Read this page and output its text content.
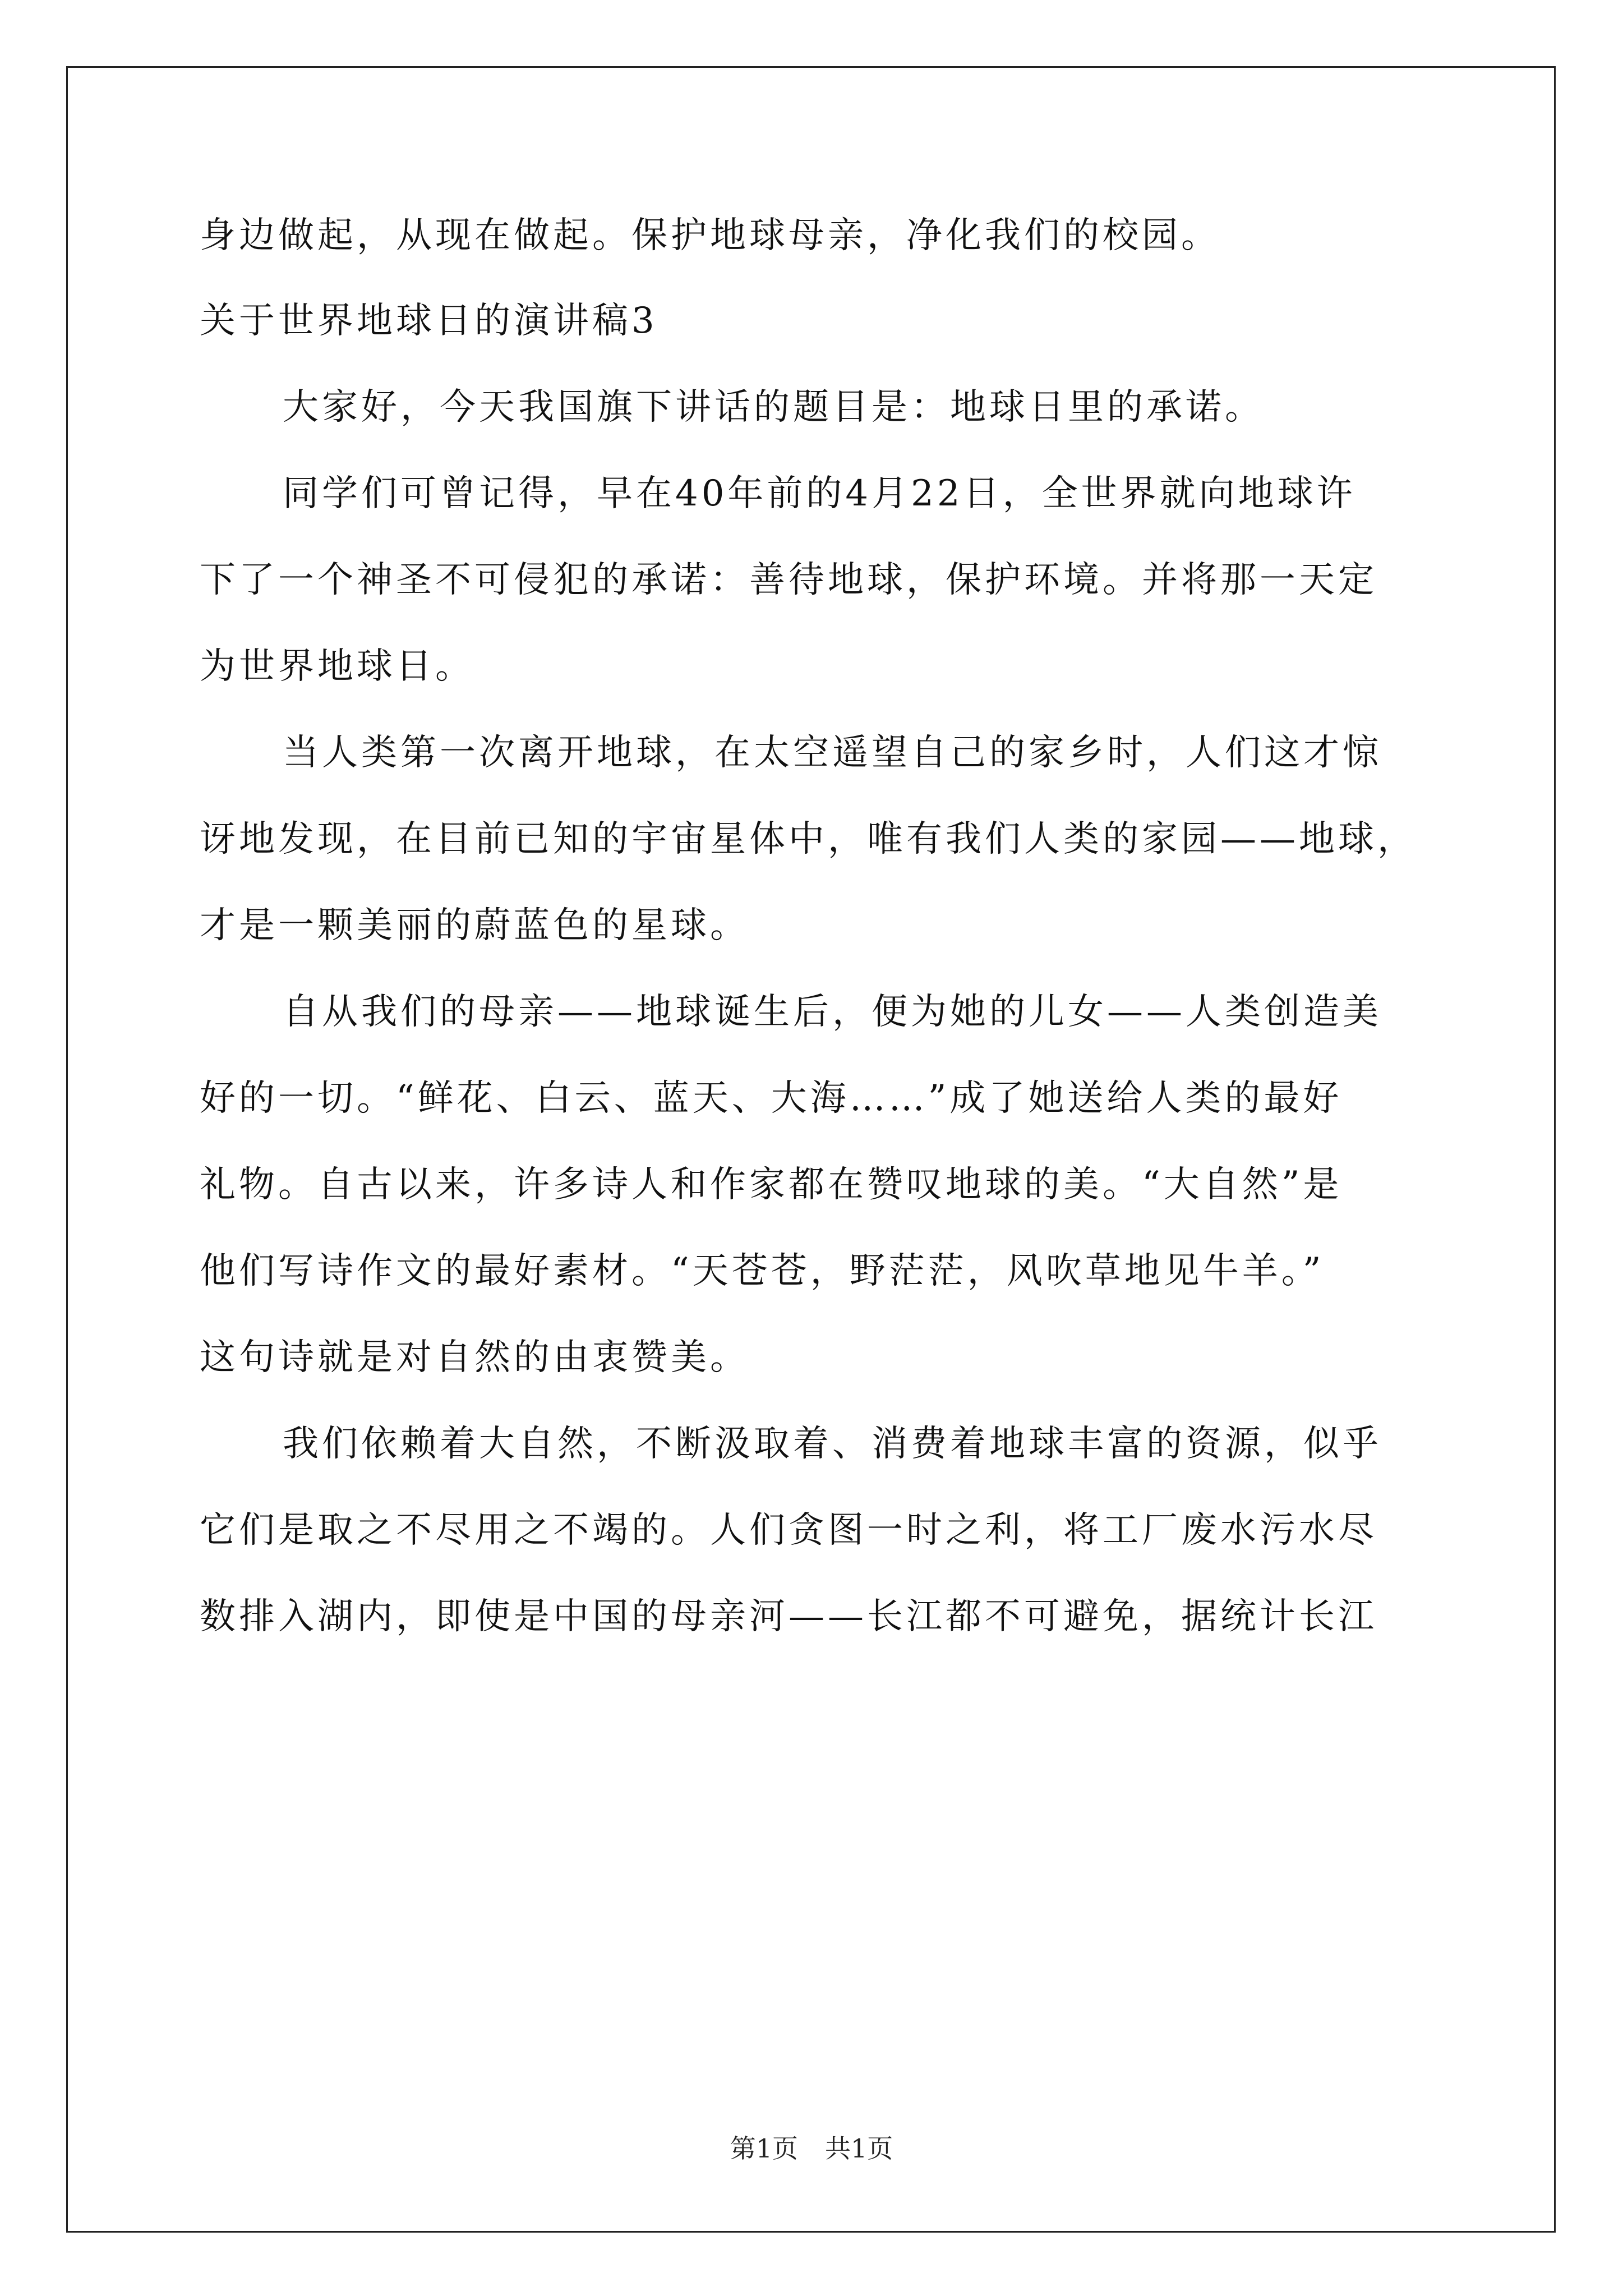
身边做起，从现在做起。保护地球母亲，净化我们的校园。
关于世界地球日的演讲稿3
大家好，今天我国旗下讲话的题目是：地球日里的承诺。
同学们可曾记得，早在40年前的4月22日，全世界就向地球许
下了一个神圣不可侵犯的承诺：善待地球，保护环境。并将那一天定
为世界地球日。
当人类第一次离开地球，在太空遥望自己的家乡时，人们这才惊
讶地发现，在目前已知的宇宙星体中，唯有我们人类的家园——地球，
才是一颗美丽的蔚蓝色的星球。
自从我们的母亲——地球诞生后，便为她的儿女——人类创造美
好的一切。“鲜花、白云、蓝天、大海……”成了她送给人类的最好
礼物。自古以来，许多诗人和作家都在赞叹地球的美。“大自然”是
他们写诗作文的最好素材。“天苍苍，野茫茫，风吹草地见牛羊。”
这句诗就是对自然的由衷赞美。
我们依赖着大自然，不断汲取着、消费着地球丰富的资源，似乎
它们是取之不尽用之不竭的。人们贪图一时之利，将工厂废水污水尽
数排入湖内，即使是中国的母亲河——长江都不可避免，据统计长江
第1页 共1页
